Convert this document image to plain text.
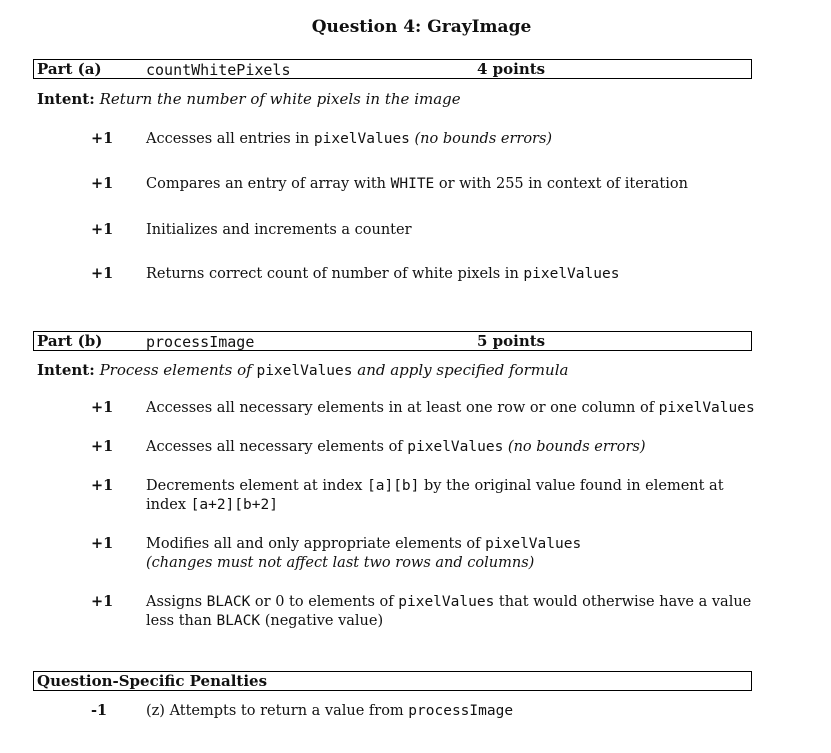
Question 4: GrayImage
Part (a)	countWhitePixels	4 points
Intent: Return the number of white pixels in the image
+1 Accesses all entries in pixelValues (no bounds errors)
+1 Compares an entry of array with WHITE or with 255 in context of iteration
+1 Initializes and increments a counter
+1 Returns correct count of number of white pixels in pixelValues
Part (b)	processImage	5 points
Intent: Process elements of pixelValues and apply specified formula
+1 Accesses all necessary elements in at least one row or one column of pixelValues
+1 Accesses all necessary elements of pixelValues (no bounds errors)
+1 Decrements element at index [a][b] by the original value found in element at
index [a+2][b+2]
+1 Modifies all and only appropriate elements of pixelValues
(changes must not affect last two rows and columns)
+1 Assigns BLACK or 0 to elements of pixelValues that would otherwise have a value
less than BLACK (negative value)
Question-Specific Penalties
-1	(z) Attempts to return a value from processImage
